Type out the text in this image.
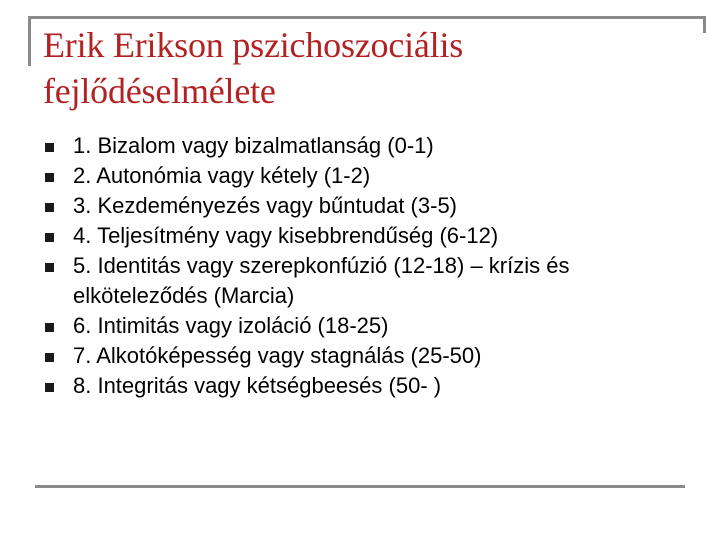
Erik Erikson pszichoszociális
fejlődéselmélete
1. Bizalom vagy bizalmatlanság (0-1)
2. Autonómia vagy kétely (1-2)
3. Kezdeményezés vagy bűntudat (3-5)
4. Teljesítmény vagy kisebbrendűség (6-12)
5. Identitás vagy szerepkonfúzió (12-18) – krízis és elköteleződés (Marcia)
6. Intimitás vagy izoláció (18-25)
7. Alkotóképesség vagy stagnálás (25-50)
8. Integritás vagy kétségbeesés (50- )
